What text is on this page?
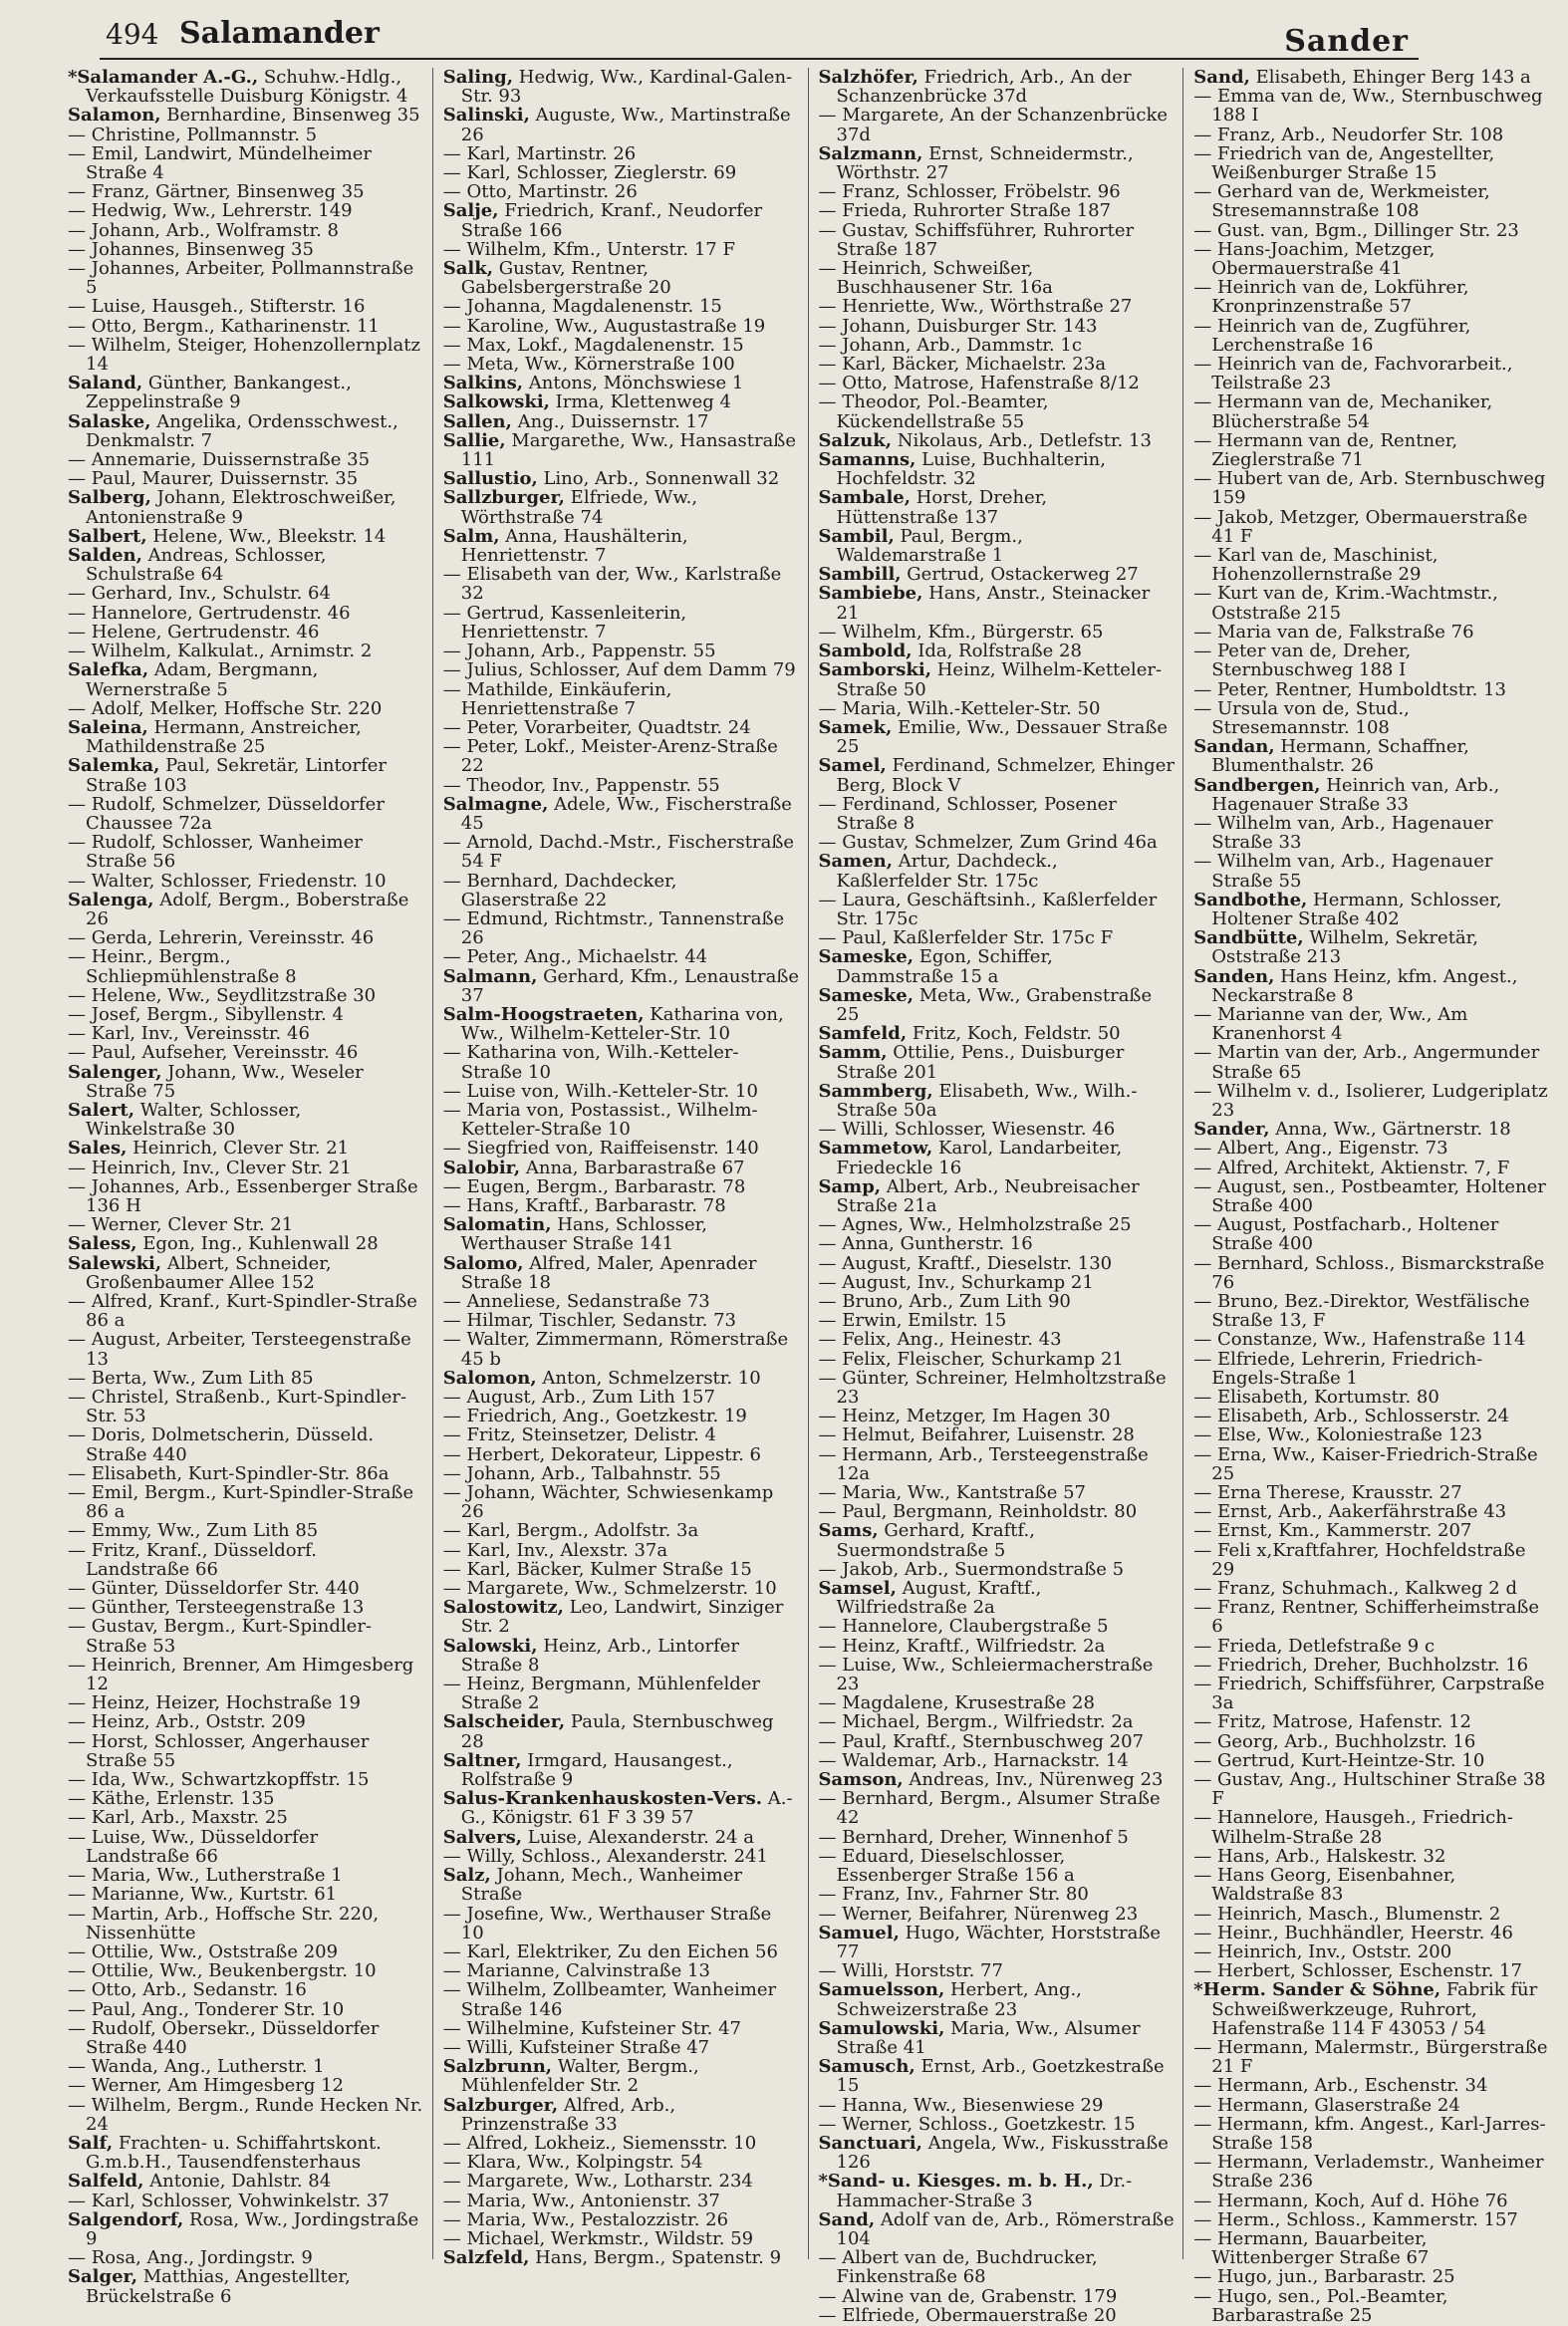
494 Salamander	Sander

*Salamander A.-G., Schuhw.-Hdlg., Verkaufsstelle Duisburg Königstr. 4

Salamon, Bernhardine, Binsenweg 35

— Christine, Pollmannstr. 5

— Emil, Landwirt, Mündelheimer Straße 4

— Franz, Gärtner, Binsenweg 35

— Hedwig, Ww., Lehrerstr. 149

— Johann, Arb., Wolframstr. 8

— Johannes, Binsenweg 35

— Johannes, Arbeiter, Pollmannstraße 5

— Luise, Hausgeh., Stifterstr. 16

— Otto, Bergm., Katharinenstr. 11

— Wilhelm, Steiger, Hohenzollernplatz 14

Saland, Günther, Bankangest., Zeppelinstraße 9

Salaske, Angelika, Ordensschwest., Denkmalstr. 7

— Annemarie, Duissernstraße 35

— Paul, Maurer, Duissernstr. 35

Salberg, Johann, Elektroschweißer, Antonienstraße 9

Salbert, Helene, Ww., Bleekstr. 14

Salden, Andreas, Schlosser, Schulstraße 64

— Gerhard, Inv., Schulstr. 64

— Hannelore, Gertrudenstr. 46

— Helene, Gertrudenstr. 46

— Wilhelm, Kalkulat., Arnimstr. 2

Salefka, Adam, Bergmann, Wernerstraße 5

— Adolf, Melker, Hoffsche Str. 220

Saleina, Hermann, Anstreicher, Mathildenstraße 25

Salemka, Paul, Sekretär, Lintorfer Straße 103

— Rudolf, Schmelzer, Düsseldorfer Chaussee 72a

— Rudolf, Schlosser, Wanheimer Straße 56

— Walter, Schlosser, Friedenstr. 10

Salenga, Adolf, Bergm., Boberstraße 26

— Gerda, Lehrerin, Vereinsstr. 46

— Heinr., Bergm., Schliepmühlenstraße 8

— Helene, Ww., Seydlitzstraße 30

— Josef, Bergm., Sibyllenstr. 4

— Karl, Inv., Vereinsstr. 46

— Paul, Aufseher, Vereinsstr. 46

Salenger, Johann, Ww., Weseler Straße 75

Salert, Walter, Schlosser, Winkelstraße 30

Sales, Heinrich, Clever Str. 21

— Heinrich, Inv., Clever Str. 21

— Johannes, Arb., Essenberger Straße 136 H

— Werner, Clever Str. 21

Saless, Egon, Ing., Kuhlenwall 28

Salewski, Albert, Schneider, Großenbaumer Allee 152

— Alfred, Kranf., Kurt-Spindler-Straße 86 a

— August, Arbeiter, Tersteegenstraße 13

— Berta, Ww., Zum Lith 85

— Christel, Straßenb., Kurt-Spindler-Str. 53

— Doris, Dolmetscherin, Düsseld. Straße 440

— Elisabeth, Kurt-Spindler-Str. 86a

— Emil, Bergm., Kurt-Spindler-Straße 86 a

— Emmy, Ww., Zum Lith 85

— Fritz, Kranf., Düsseldorf. Landstraße 66

— Günter, Düsseldorfer Str. 440

— Günther, Tersteegenstraße 13

— Gustav, Bergm., Kurt-Spindler-Straße 53

— Heinrich, Brenner, Am Himgesberg 12

— Heinz, Heizer, Hochstraße 19

— Heinz, Arb., Oststr. 209

— Horst, Schlosser, Angerhauser Straße 55

— Ida, Ww., Schwartzkopffstr. 15

— Käthe, Erlenstr. 135

— Karl, Arb., Maxstr. 25

— Luise, Ww., Düsseldorfer Landstraße 66

— Maria, Ww., Lutherstraße 1

— Marianne, Ww., Kurtstr. 61

— Martin, Arb., Hoffsche Str. 220, Nissenhütte

— Ottilie, Ww., Oststraße 209

— Ottilie, Ww., Beukenbergstr. 10

— Otto, Arb., Sedanstr. 16

— Paul, Ang., Tonderer Str. 10

— Rudolf, Obersekr., Düsseldorfer Straße 440

— Wanda, Ang., Lutherstr. 1

— Werner, Am Himgesberg 12

— Wilhelm, Bergm., Runde Hecken Nr. 24

Salf, Frachten- u. Schiffahrtskont. G.m.b.H., Tausendfensterhaus

Salfeld, Antonie, Dahlstr. 84

— Karl, Schlosser, Vohwinkelstr. 37

Salgendorf, Rosa, Ww., Jordingstraße 9

— Rosa, Ang., Jordingstr. 9

Salger, Matthias, Angestellter, Brückelstraße 6

Saling, Hedwig, Ww., Kardinal-Galen-Str. 93

Salinski, Auguste, Ww., Martinstraße 26

— Karl, Martinstr. 26

— Karl, Schlosser, Zieglerstr. 69

— Otto, Martinstr. 26

Salje, Friedrich, Kranf., Neudorfer Straße 166

— Wilhelm, Kfm., Unterstr. 17 F

Salk, Gustav, Rentner, Gabelsbergerstraße 20

— Johanna, Magdalenenstr. 15

— Karoline, Ww., Augustastraße 19

— Max, Lokf., Magdalenenstr. 15

— Meta, Ww., Körnerstraße 100

Salkins, Antons, Mönchswiese 1

Salkowski, Irma, Klettenweg 4

Sallen, Ang., Duissernstr. 17

Sallie, Margarethe, Ww., Hansastraße 111

Sallustio, Lino, Arb., Sonnenwall 32

Sallzburger, Elfriede, Ww., Wörthstraße 74

Salm, Anna, Haushälterin, Henriettenstr. 7

— Elisabeth van der, Ww., Karlstraße 32

— Gertrud, Kassenleiterin, Henriettenstr. 7

— Johann, Arb., Pappenstr. 55

— Julius, Schlosser, Auf dem Damm 79

— Mathilde, Einkäuferin, Henriettenstraße 7

— Peter, Vorarbeiter, Quadtstr. 24

— Peter, Lokf., Meister-Arenz-Straße 22

— Theodor, Inv., Pappenstr. 55

Salmagne, Adele, Ww., Fischerstraße 45

— Arnold, Dachd.-Mstr., Fischerstraße 54 F

— Bernhard, Dachdecker, Glaserstraße 22

— Edmund, Richtmstr., Tannenstraße 26

— Peter, Ang., Michaelstr. 44

Salmann, Gerhard, Kfm., Lenaustraße 37

Salm-Hoogstraeten, Katharina von, Ww., Wilhelm-Ketteler-Str. 10

— Katharina von, Wilh.-Ketteler-Straße 10

— Luise von, Wilh.-Ketteler-Str. 10

— Maria von, Postassist., Wilhelm-Ketteler-Straße 10

— Siegfried von, Raiffeisenstr. 140

Salobir, Anna, Barbarastraße 67

— Eugen, Bergm., Barbarastr. 78

— Hans, Kraftf., Barbarastr. 78

Salomatin, Hans, Schlosser, Werthauser Straße 141

Salomo, Alfred, Maler, Apenrader Straße 18

— Anneliese, Sedanstraße 73

— Hilmar, Tischler, Sedanstr. 73

— Walter, Zimmermann, Römerstraße 45 b

Salomon, Anton, Schmelzerstr. 10

— August, Arb., Zum Lith 157

— Friedrich, Ang., Goetzkestr. 19

— Fritz, Steinsetzer, Delistr. 4

— Herbert, Dekorateur, Lippestr. 6

— Johann, Arb., Talbahnstr. 55

— Johann, Wächter, Schwiesenkamp 26

— Karl, Bergm., Adolfstr. 3a

— Karl, Inv., Alexstr. 37a

— Karl, Bäcker, Kulmer Straße 15

— Margarete, Ww., Schmelzerstr. 10

Salostowitz, Leo, Landwirt, Sinziger Str. 2

Salowski, Heinz, Arb., Lintorfer Straße 8

— Heinz, Bergmann, Mühlenfelder Straße 2

Salscheider, Paula, Sternbuschweg 28

Saltner, Irmgard, Hausangest., Rolfstraße 9

Salus-Krankenhauskosten-Vers. A.-G., Königstr. 61 F 3 39 57

Salvers, Luise, Alexanderstr. 24 a

— Willy, Schloss., Alexanderstr. 241

Salz, Johann, Mech., Wanheimer Straße

— Josefine, Ww., Werthauser Straße 10

— Karl, Elektriker, Zu den Eichen 56

— Marianne, Calvinstraße 13

— Wilhelm, Zollbeamter, Wanheimer Straße 146

— Wilhelmine, Kufsteiner Str. 47

— Willi, Kufsteiner Straße 47

Salzbrunn, Walter, Bergm., Mühlenfelder Str. 2

Salzburger, Alfred, Arb., Prinzenstraße 33

— Alfred, Lokheiz., Siemensstr. 10

— Klara, Ww., Kolpingstr. 54

— Margarete, Ww., Lotharstr. 234

— Maria, Ww., Antonienstr. 37

— Maria, Ww., Pestalozzistr. 26

— Michael, Werkmstr., Wildstr. 59

Salzfeld, Hans, Bergm., Spatenstr. 9

Salzhöfer, Friedrich, Arb., An der Schanzenbrücke 37d

— Margarete, An der Schanzenbrücke 37d

Salzmann, Ernst, Schneidermstr., Wörthstr. 27

— Franz, Schlosser, Fröbelstr. 96

— Frieda, Ruhrorter Straße 187

— Gustav, Schiffsführer, Ruhrorter Straße 187

— Heinrich, Schweißer, Buschhausener Str. 16a

— Henriette, Ww., Wörthstraße 27

— Johann, Duisburger Str. 143

— Johann, Arb., Dammstr. 1c

— Karl, Bäcker, Michaelstr. 23a

— Otto, Matrose, Hafenstraße 8/12

— Theodor, Pol.-Beamter, Kückendellstraße 55

Salzuk, Nikolaus, Arb., Detlefstr. 13

Samanns, Luise, Buchhalterin, Hochfeldstr. 32

Sambale, Horst, Dreher, Hüttenstraße 137

Sambil, Paul, Bergm., Waldemarstraße 1

Sambill, Gertrud, Ostackerweg 27

Sambiebe, Hans, Anstr., Steinacker 21

— Wilhelm, Kfm., Bürgerstr. 65

Sambold, Ida, Rolfstraße 28

Samborski, Heinz, Wilhelm-Ketteler-Straße 50

— Maria, Wilh.-Ketteler-Str. 50

Samek, Emilie, Ww., Dessauer Straße 25

Samel, Ferdinand, Schmelzer, Ehinger Berg, Block V

— Ferdinand, Schlosser, Posener Straße 8

— Gustav, Schmelzer, Zum Grind 46a

Samen, Artur, Dachdeck., Kaßlerfelder Str. 175c

— Laura, Geschäftsinh., Kaßlerfelder Str. 175c

— Paul, Kaßlerfelder Str. 175c F

Sameske, Egon, Schiffer, Dammstraße 15 a

Sameske, Meta, Ww., Grabenstraße 25

Samfeld, Fritz, Koch, Feldstr. 50

Samm, Ottilie, Pens., Duisburger Straße 201

Sammberg, Elisabeth, Ww., Wilh.-Straße 50a

— Willi, Schlosser, Wiesenstr. 46

Sammetow, Karol, Landarbeiter, Friedeckle 16

Samp, Albert, Arb., Neubreisacher Straße 21a

— Agnes, Ww., Helmholzstraße 25

— Anna, Guntherstr. 16

— August, Kraftf., Dieselstr. 130

— August, Inv., Schurkamp 21

— Bruno, Arb., Zum Lith 90

— Erwin, Emilstr. 15

— Felix, Ang., Heinestr. 43

— Felix, Fleischer, Schurkamp 21

— Günter, Schreiner, Helmholtzstraße 23

— Heinz, Metzger, Im Hagen 30

— Helmut, Beifahrer, Luisenstr. 28

— Hermann, Arb., Tersteegenstraße 12a

— Maria, Ww., Kantstraße 57

— Paul, Bergmann, Reinholdstr. 80

Sams, Gerhard, Kraftf., Suermondstraße 5

— Jakob, Arb., Suermondstraße 5

Samsel, August, Kraftf., Wilfriedstraße 2a

— Hannelore, Claubergstraße 5

— Heinz, Kraftf., Wilfriedstr. 2a

— Luise, Ww., Schleiermacherstraße 23

— Magdalene, Krusestraße 28

— Michael, Bergm., Wilfriedstr. 2a

— Paul, Kraftf., Sternbuschweg 207

— Waldemar, Arb., Harnackstr. 14

Samson, Andreas, Inv., Nürenweg 23

— Bernhard, Bergm., Alsumer Straße 42

— Bernhard, Dreher, Winnenhof 5

— Eduard, Dieselschlosser, Essenberger Straße 156 a

— Franz, Inv., Fahrner Str. 80

— Werner, Beifahrer, Nürenweg 23

Samuel, Hugo, Wächter, Horststraße 77

— Willi, Horststr. 77

Samuelsson, Herbert, Ang., Schweizerstraße 23

Samulowski, Maria, Ww., Alsumer Straße 41

Samusch, Ernst, Arb., Goetzkestraße 15

— Hanna, Ww., Biesenwiese 29

— Werner, Schloss., Goetzkestr. 15

Sanctuari, Angela, Ww., Fiskusstraße 126

*Sand- u. Kiesges. m. b. H., Dr.-Hammacher-Straße 3

Sand, Adolf van de, Arb., Römerstraße 104

— Albert van de, Buchdrucker, Finkenstraße 68

— Alwine van de, Grabenstr. 179

— Elfriede, Obermauerstraße 20

Sand, Elisabeth, Ehinger Berg 143 a

— Emma van de, Ww., Sternbuschweg 188 I

— Franz, Arb., Neudorfer Str. 108

— Friedrich van de, Angestellter, Weißenburger Straße 15

— Gerhard van de, Werkmeister, Stresemannstraße 108

— Gust. van, Bgm., Dillinger Str. 23

— Hans-Joachim, Metzger, Obermauerstraße 41

— Heinrich van de, Lokführer, Kronprinzenstraße 57

— Heinrich van de, Zugführer, Lerchenstraße 16

— Heinrich van de, Fachvorarbeit., Teilstraße 23

— Hermann van de, Mechaniker, Blücherstraße 54

— Hermann van de, Rentner, Zieglerstraße 71

— Hubert van de, Arb. Sternbuschweg 159

— Jakob, Metzger, Obermauerstraße 41 F

— Karl van de, Maschinist, Hohenzollernstraße 29

— Kurt van de, Krim.-Wachtmstr., Oststraße 215

— Maria van de, Falkstraße 76

— Peter van de, Dreher, Sternbuschweg 188 I

— Peter, Rentner, Humboldtstr. 13

— Ursula von de, Stud., Stresemannstr. 108

Sandan, Hermann, Schaffner, Blumenthalstr. 26

Sandbergen, Heinrich van, Arb., Hagenauer Straße 33

— Wilhelm van, Arb., Hagenauer Straße 33

— Wilhelm van, Arb., Hagenauer Straße 55

Sandbothe, Hermann, Schlosser, Holtener Straße 402

Sandbütte, Wilhelm, Sekretär, Oststraße 213

Sanden, Hans Heinz, kfm. Angest., Neckarstraße 8

— Marianne van der, Ww., Am Kranenhorst 4

— Martin van der, Arb., Angermunder Straße 65

— Wilhelm v. d., Isolierer, Ludgeriplatz 23

Sander, Anna, Ww., Gärtnerstr. 18

— Albert, Ang., Eigenstr. 73

— Alfred, Architekt, Aktienstr. 7, F

— August, sen., Postbeamter, Holtener Straße 400

— August, Postfacharb., Holtener Straße 400

— Bernhard, Schloss., Bismarckstraße 76

— Bruno, Bez.-Direktor, Westfälische Straße 13, F

— Constanze, Ww., Hafenstraße 114

— Elfriede, Lehrerin, Friedrich-Engels-Straße 1

— Elisabeth, Kortumstr. 80

— Elisabeth, Arb., Schlosserstr. 24

— Else, Ww., Koloniestraße 123

— Erna, Ww., Kaiser-Friedrich-Straße 25

— Erna Therese, Krausstr. 27

— Ernst, Arb., Aakerfährstraße 43

— Ernst, Km., Kammerstr. 207

— Feli x,Kraftfahrer, Hochfeldstraße 29

— Franz, Schuhmach., Kalkweg 2 d

— Franz, Rentner, Schifferheimstraße 6

— Frieda, Detlefstraße 9 c

— Friedrich, Dreher, Buchholzstr. 16

— Friedrich, Schiffsführer, Carpstraße 3a

— Fritz, Matrose, Hafenstr. 12

— Georg, Arb., Buchholzstr. 16

— Gertrud, Kurt-Heintze-Str. 10

— Gustav, Ang., Hultschiner Straße 38 F

— Hannelore, Hausgeh., Friedrich-Wilhelm-Straße 28

— Hans, Arb., Halskestr. 32

— Hans Georg, Eisenbahner, Waldstraße 83

— Heinrich, Masch., Blumenstr. 2

— Heinr., Buchhändler, Heerstr. 46

— Heinrich, Inv., Oststr. 200

— Herbert, Schlosser, Eschenstr. 17

*Herm. Sander & Söhne, Fabrik für Schweißwerkzeuge, Ruhrort, Hafenstraße 114 F 43053 / 54

— Hermann, Malermstr., Bürgerstraße 21 F

— Hermann, Arb., Eschenstr. 34

— Hermann, Glaserstraße 24

— Hermann, kfm. Angest., Karl-Jarres-Straße 158

— Hermann, Verlademstr., Wanheimer Straße 236

— Hermann, Koch, Auf d. Höhe 76

— Herm., Schloss., Kammerstr. 157

— Hermann, Bauarbeiter, Wittenberger Straße 67

— Hugo, jun., Barbarastr. 25

— Hugo, sen., Pol.-Beamter, Barbarastraße 25
